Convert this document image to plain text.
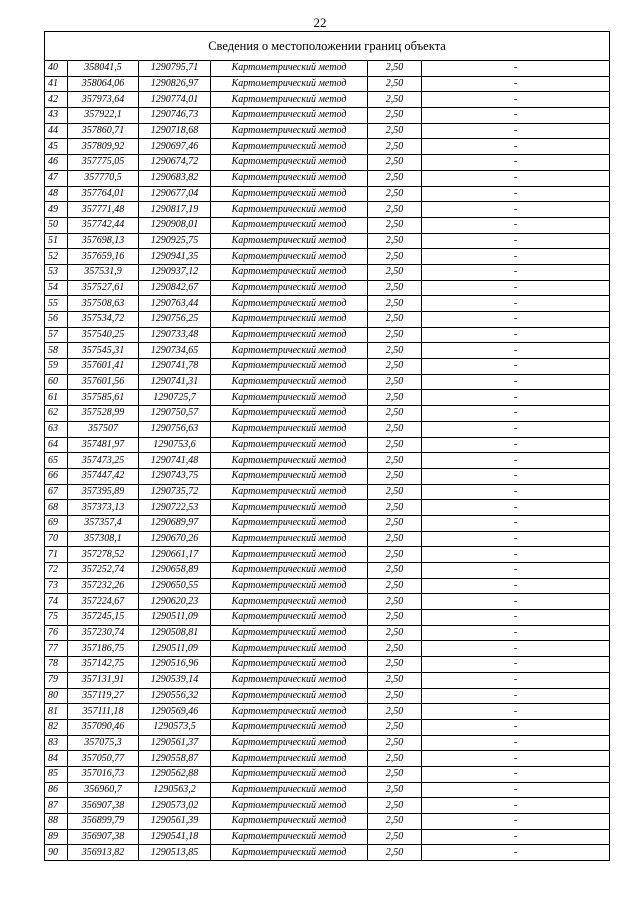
22
Сведения о местоположении границ объекта					
40	358041,5	1290795,71	Картометрический метод	2,50	-
41	358064,06	1290826,97	Картометрический метод	2,50	-
42	357973,64	1290774,01	Картометрический метод	2,50	-
43	357922,1	1290746,73	Картометрический метод	2,50	-
44	357860,71	1290718,68	Картометрический метод	2,50	-
45	357809,92	1290697,46	Картометрический метод	2,50	-
46	357775,05	1290674,72	Картометрический метод	2,50	-
47	357770,5	1290683,82	Картометрический метод	2,50	-
48	357764,01	1290677,04	Картометрический метод	2,50	-
49	357771,48	1290817,19	Картометрический метод	2,50	-
50	357742,44	1290908,01	Картометрический метод	2,50	-
51	357698,13	1290925,75	Картометрический метод	2,50	-
52	357659,16	1290941,35	Картометрический метод	2,50	-
53	357531,9	1290937,12	Картометрический метод	2,50	-
54	357527,61	1290842,67	Картометрический метод	2,50	-
55	357508,63	1290763,44	Картометрический метод	2,50	-
56	357534,72	1290756,25	Картометрический метод	2,50	-
57	357540,25	1290733,48	Картометрический метод	2,50	-
58	357545,31	1290734,65	Картометрический метод	2,50	-
59	357601,41	1290741,78	Картометрический метод	2,50	-
60	357601,56	1290741,31	Картометрический метод	2,50	-
61	357585,61	1290725,7	Картометрический метод	2,50	-
62	357528,99	1290750,57	Картометрический метод	2,50	-
63	357507	1290756,63	Картометрический метод	2,50	-
64	357481,97	1290753,6	Картометрический метод	2,50	-
65	357473,25	1290741,48	Картометрический метод	2,50	-
66	357447,42	1290743,75	Картометрический метод	2,50	-
67	357395,89	1290735,72	Картометрический метод	2,50	-
68	357373,13	1290722,53	Картометрический метод	2,50	-
69	357357,4	1290689,97	Картометрический метод	2,50	-
70	357308,1	1290670,26	Картометрический метод	2,50	-
71	357278,52	1290661,17	Картометрический метод	2,50	-
72	357252,74	1290658,89	Картометрический метод	2,50	-
73	357232,26	1290650,55	Картометрический метод	2,50	-
74	357224,67	1290620,23	Картометрический метод	2,50	-
75	357245,15	1290511,09	Картометрический метод	2,50	-
76	357230,74	1290508,81	Картометрический метод	2,50	-
77	357186,75	1290511,09	Картометрический метод	2,50	-
78	357142,75	1290516,96	Картометрический метод	2,50	-
79	357131,91	1290539,14	Картометрический метод	2,50	-
80	357119,27	1290556,32	Картометрический метод	2,50	-
81	357111,18	1290569,46	Картометрический метод	2,50	-
82	357090,46	1290573,5	Картометрический метод	2,50	-
83	357075,3	1290561,37	Картометрический метод	2,50	-
84	357050,77	1290558,87	Картометрический метод	2,50	-
85	357016,73	1290562,88	Картометрический метод	2,50	-
86	356960,7	1290563,2	Картометрический метод	2,50	-
87	356907,38	1290573,02	Картометрический метод	2,50	-
88	356899,79	1290561,39	Картометрический метод	2,50	-
89	356907,38	1290541,18	Картометрический метод	2,50	-
90	356913,82	1290513,85	Картометрический метод	2,50	-
